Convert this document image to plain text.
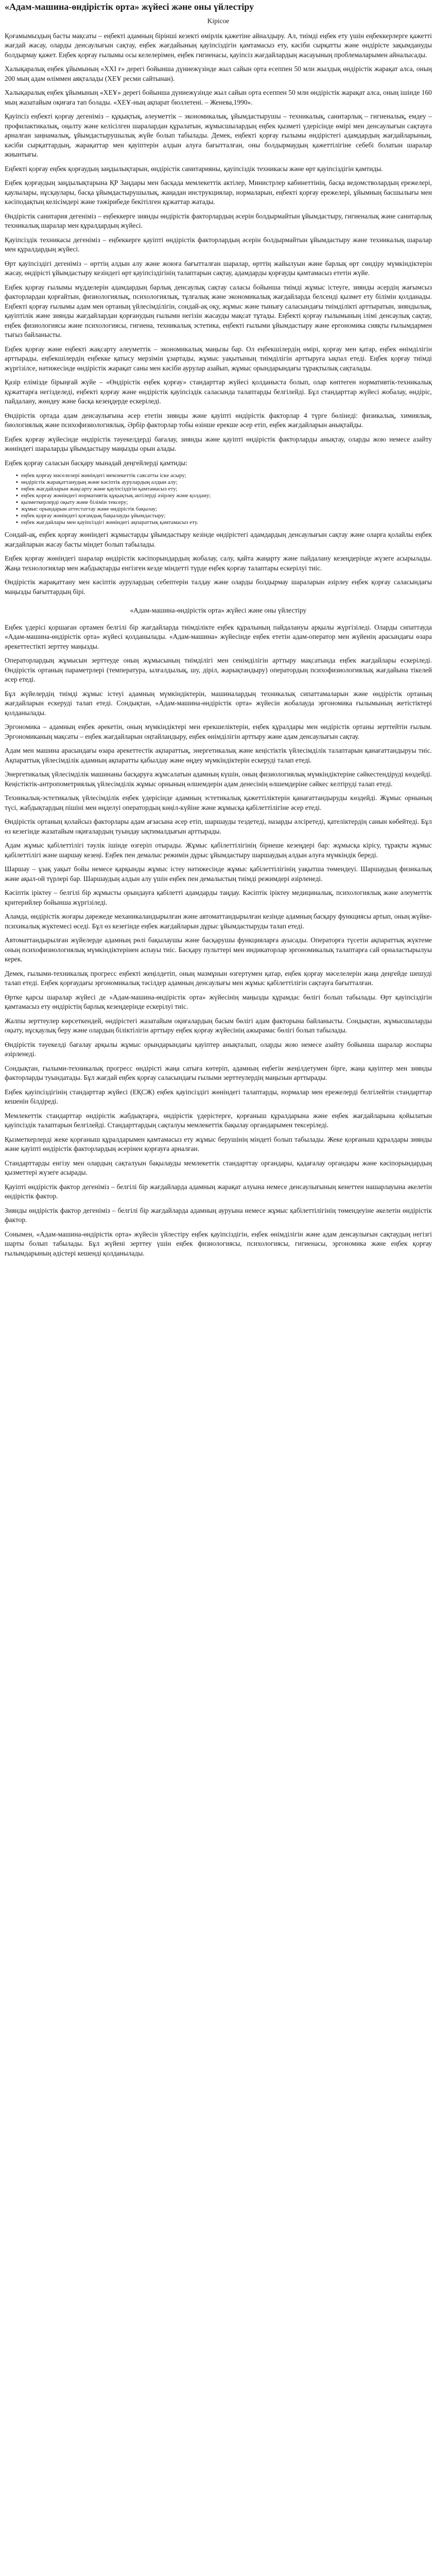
«Адам-машина-өндірістік орта» жүйесі және оны үйлестіру
Kipicoe

Қоғамымыздың басты мақсаты – еңбекті адамның бірінші кезекті өмірлік қажетіне айналдыру. Ал, тиімді еңбек ету үшін еңбеккерлерге қажетті жағдай жасау, оларды денсаулығын сақтау, еңбек жағдайының қауіпсіздігін қамтамасыз ету, кәсіби сырқатты және өндірісте зақымдануды болдырмау қажет. Еңбек қорғау ғылымы осы келелерімен, еңбек гигиенасы, қауіпсіз жағдайлардың жасауының проблемаларымен айналысады.

Халықаралық еңбек ұйымының «XXI ғ» дерегі бойынша дүниежүзінде жыл сайын орта есеппен 50 млн жылдық өндірістік жарақат алса, оның 200 мың адам өліммен аяқталады (ХЕҰ ресми сайтынан).

Халықаралық еңбек ұйымының «ХЕҰ» дерегі бойынша дүниежүзінде жыл сайын орта есеппен 50 млн өндірістік жарақат алса, оның ішінде 160 мың жазатайым оқиғаға тап болады. «ХЕҰ-ның ақпарат бюллетені. – Женева,1990».

Қауіпсіз еңбекті қорғау дегеніміз – құқықтық, әлеуметтік – экономикалық, ұйымдастырушы – техникалық, санитарлық – гигиеналық, емдеу – профилактикалық, оңалту және келісілген шаралардан құралатын, жұмысшылардың еңбек қызметі үдерісінде өмірі мен денсаулығын сақтауға арналған заңнамалық, ұйымдастырушылық жүйе болып табылады. Демек, еңбекті қорғау ғылымы өндірістегі адамдардың жағдайларының, кәсіби сырқаттардың, жарақаттар мен қауіптерін алдын алуға бағытталған, оны болдырмаудың қажеттілігіне себебі болатын шаралар жиынтығы.

Еңбекті қорғау еңбек қорғаудың заңдылықтарын, өндірістік санитарияны, қауіпсіздік техникасы және өрт қауіпсіздігін қамтиды.

Еңбек қорғаудың заңдылықтарына ҚР Заңдары мен басқада мемлекеттік актілер, Министрлер кабинеттінің, басқа ведомстволардың ережелері, қаулылары, нұсқаулары, басқа ұйымдастырушылық, жаңадан инструкциялар, нормаларын, еңбекті қорғау ережелері, ұйымның басшылығы мен кәсіподақтың келісімдері және тәжірибеде бекітілген құжаттар жатады.

Өндірістік санитария дегеніміз – еңбеккерге зиянды өндірістік факторлардың әсерін болдырмайтын ұйымдастыру, гигиеналық және санитарлық техникалық шаралар мен құралдардың жүйесі.

Қауіпсіздік техникасы дегеніміз – еңбеккерге қауіпті өндірістік факторлардың әсерін болдырмайтын ұйымдастыру және техникалық шаралар мен құралдардың жүйесі.

Өрт қауіпсіздігі дегеніміз – өрттің алдын алу және жоюға бағытталған шаралар, өрттің жайылуын және барлық өрт сөндіру мүмкіндіктерін жасау, өндірісті ұйымдастыру кезіндегі өрт қауіпсіздігінің талаптарын сақтау, адамдарды қорғауды қамтамасыз ететін жүйе.

Еңбек қорғау ғылымы мүдделерін адамдардың барлық денсаулық сақтау саласы бойынша тиімді жұмыс істеуге, зиянды әсердің жағымсыз факторлардан қорғайтын, физиологиялық, психологиялық, тұлғалық және экономикалық жағдайларда белсенді қызмет ету білімін қолданады. Еңбекті қорғау ғылымы адам мен ортаның үйлесімділігін, сондай-ақ оқу, жұмыс және тынығу саласындағы тиімділікті арттыратын, зияндылық, қауіптілік және зиянды жағдайлардан қорғанудың ғылыми негізін жасауды мақсат тұтады. Еңбекті қорғау ғылымының ілімі денсаулық сақтау, еңбек физиологиясы және психологиясы, гигиена, техникалық эстетика, еңбекті ғылыми ұйымдастыру және ергономика сияқты ғылымдармен тығыз байланысты.

Еңбек қорғау және еңбекті жақсарту әлеуметтік – экономикалық маңызы бар. Ол еңбекшілердің өмірі, қорғау мен қатар, еңбек өнімділігін арттырады, еңбекшілердің еңбекке қатысу мерзімін ұзартады, жұмыс уақытының тиімділігін арттыруға ықпал етеді. Еңбек қорғау тиімді жүргізілсе, нәтижесінде өндірістік жарақат саны мен кәсіби аурулар азайып, жұмыс орындарындағы тұрақтылық сақталады.

Қазір елімізде бірыңғай жүйе – «Өндірістік еңбек қорғау» стандарттар жүйесі қолданыста болып, олар көптеген нормативтік-техникалық құжаттарға негізделеді, еңбекті қорғау және өндірістік қауіпсіздік саласында талаптарды белгілейді. Бұл стандарттар жүйесі жобалау, өндіріс, пайдалану, жөндеу және басқа кезеңдерде ескеріледі.

Өндірістік ортада адам денсаулығына әсер ететін зиянды және қауіпті өндірістік факторлар 4 түрге бөлінеді: физикалық, химиялық, биологиялық және психофизиологиялық. Әрбір факторлар тобы өзінше ерекше әсер етіп, еңбек жағдайларын анықтайды.

Еңбек қорғау жүйесінде өндірістік тәуекелдерді бағалау, зиянды және қауіпті өндірістік факторларды анықтау, оларды жою немесе азайту жөніндегі шараларды ұйымдастыру маңызды орын алады.

Еңбек қорғау саласын басқару мынадай деңгейлерді қамтиды:

▪ еңбек қорғау мәселелері жөніндегі мемлекеттік саясатты іске асыру;
▪ өндірістік жарақаттанудың және кәсіптік аурулардың алдын алу;
▪ еңбек жағдайларын жақсарту және қауіпсіздігін қамтамасыз ету;
▪ еңбек қорғау жөніндегі нормативтік құқықтық актілерді әзірлеу және қолдану;
▪ қызметкерлерді оқыту және білімін тексеру;
▪ жұмыс орындарын аттестаттау және өндірістік бақылау;
▪ еңбек қорғау жөніндегі қоғамдық бақылауды ұйымдастыру;
▪ еңбек жағдайлары мен қауіпсіздігі жөніндегі ақпараттық қамтамасыз ету.

Сондай-ақ, еңбек қорғау жөніндегі жұмыстарды ұйымдастыру кезінде өндірістегі адамдардың денсаулығын сақтау және оларға қолайлы еңбек жағдайларын жасау басты міндет болып табылады.

Еңбек қорғау жөніндегі шаралар өндірістік кәсіпорындардың жобалау, салу, қайта жаңарту және пайдалану кезеңдерінде жүзеге асырылады. Жаңа технологиялар мен жабдықтарды енгізген кезде міндетті түрде еңбек қорғау талаптары ескерілуі тиіс.

Өндірістік жарақаттану мен кәсіптік аурулардың себептерін талдау және оларды болдырмау шараларын әзірлеу еңбек қорғау саласындағы маңызды бағыттардың бірі.

«Адам-машина-өндірістік орта» жүйесі және оны үйлестіру

Еңбек үдерісі қоршаған ортамен белгілі бір жағдайларда тиімділікте еңбек құралының пайдалануы арқылы жүргізіледі. Оларды сипаттауда «Адам-машина-өндірістік орта» жүйесі қолданылады. «Адам-машина» жүйесінде еңбек ететін адам-оператор мен жүйенің арасындағы өзара әрекеттестікті зерттеу маңызды.

Операторлардың жұмысын зерттеуде оның жұмысының тиімділігі мен сенімділігін арттыру мақсатында еңбек жағдайлары ескеріледі. Өндірістік ортаның параметрлері (температура, ылғалдылық, шу, діріл, жарықтандыру) оператордың психофизиологиялық жағдайына тікелей әсер етеді.

Бұл жүйелердің тиімді жұмыс істеуі адамның мүмкіндіктерін, машиналардың техникалық сипаттамаларын және өндірістік ортаның жағдайларын ескеруді талап етеді. Сондықтан, «Адам-машина-өндірістік орта» жүйесін жобалауда эргономика ғылымының жетістіктері қолданылады.

Эргономика – адамның еңбек әрекетін, оның мүмкіндіктері мен ерекшеліктерін, еңбек құралдары мен өндірістік ортаны зерттейтін ғылым. Эргономиканың мақсаты – еңбек жағдайларын оңтайландыру, еңбек өнімділігін арттыру және адам денсаулығын сақтау.

Адам мен машина арасындағы өзара әрекеттестік ақпараттық, энергетикалық және кеңістіктік үйлесімділік талаптарын қанағаттандыруы тиіс. Ақпараттық үйлесімділік адамның ақпаратты қабылдау және өңдеу мүмкіндіктерін ескеруді талап етеді.

Энергетикалық үйлесімділік машинаны басқаруға жұмсалатын адамның күшін, оның физиологиялық мүмкіндіктеріне сәйкестендіруді көздейді. Кеңістіктік-антропометриялық үйлесімділік жұмыс орнының өлшемдерін адам денесінің өлшемдеріне сәйкес келтіруді талап етеді.

Техникалық-эстетикалық үйлесімділік еңбек үдерісінде адамның эстетикалық қажеттіліктерін қанағаттандыруды көздейді. Жұмыс орнының түсі, жабдықтардың пішіні мен өңделуі оператордың көңіл-күйіне және жұмысқа қабілеттілігіне әсер етеді.

Өндірістік ортаның қолайсыз факторлары адам ағзасына әсер етіп, шаршауды тездетеді, назарды әлсіретеді, қателіктердің санын көбейтеді. Бұл өз кезегінде жазатайым оқиғалардың туындау ықтималдығын арттырады.

Адам жұмыс қабілеттілігі тәулік ішінде өзгеріп отырады. Жұмыс қабілеттілігінің бірнеше кезеңдері бар: жұмысқа кірісу, тұрақты жұмыс қабілеттілігі және шаршау кезеңі. Еңбек пен демалыс режимін дұрыс ұйымдастыру шаршаудың алдын алуға мүмкіндік береді.

Шаршау – ұзақ уақыт бойы немесе қарқынды жұмыс істеу нәтижесінде жұмыс қабілеттілігінің уақытша төмендеуі. Шаршаудың физикалық және ақыл-ой түрлері бар. Шаршаудың алдын алу үшін еңбек пен демалыстың тиімді режимдері әзірленеді.

Кәсіптік іріктеу – белгілі бір жұмысты орындауға қабілетті адамдарды таңдау. Кәсіптік іріктеу медициналық, психологиялық және әлеуметтік критерийлер бойынша жүргізіледі.

Аламда, өндірістік жоғары дәрежеде механикаландырылған және автоматтандырылған кезінде адамның басқару функциясы артып, оның жүйке-психикалық жүктемесі өседі. Бұл өз кезегінде еңбек жағдайларын дұрыс ұйымдастыруды талап етеді.

Автоматтандырылған жүйелерде адамның рөлі бақылаушы және басқарушы функцияларға ауысады. Операторға түсетін ақпараттық жүктеме оның психофизиологиялық мүмкіндіктерінен аспауы тиіс. Басқару пульттері мен индикаторлар эргономикалық талаптарға сай орналастырылуы керек.

Демек, ғылыми-техникалық прогресс еңбекті жеңілдетіп, оның мазмұнын өзгертумен қатар, еңбек қорғау мәселелерін жаңа деңгейде шешуді талап етеді. Еңбек қорғаудағы эргономикалық тәсілдер адамның денсаулығы мен жұмыс қабілеттілігін сақтауға бағытталған.

Өртке қарсы шаралар жүйесі де «Адам-машина-өндірістік орта» жүйесінің маңызды құрамдас бөлігі болып табылады. Өрт қауіпсіздігін қамтамасыз ету өндірістің барлық кезеңдерінде ескерілуі тиіс.

Жалпы зерттеулер көрсеткендей, өндірістегі жазатайым оқиғалардың басым бөлігі адам факторына байланысты. Сондықтан, жұмысшыларды оқыту, нұсқаулық беру және олардың біліктілігін арттыру еңбек қорғау жүйесінің ажырамас бөлігі болып табылады.

Өндірістік тәуекелді бағалау арқылы жұмыс орындарындағы қауіптер анықталып, оларды жою немесе азайту бойынша шаралар жоспары әзірленеді.

Сондықтан, ғылыми-техникалық прогресс өндірісті жаңа сатыға көтеріп, адамның еңбегін жеңілдетумен бірге, жаңа қауіптер мен зиянды факторларды туындатады. Бұл жағдай еңбек қорғау саласындағы ғылыми зерттеулердің маңызын арттырады.

Еңбек қауіпсіздігінің стандарттар жүйесі (ЕҚСЖ) еңбек қауіпсіздігі жөніндегі талаптарды, нормалар мен ережелерді белгілейтін стандарттар кешенін білдіреді.

Мемлекеттік стандарттар өндірістік жабдықтарға, өндірістік үдерістерге, қорғаныш құралдарына және еңбек жағдайларына қойылатын қауіпсіздік талаптарын белгілейді. Стандарттардың сақталуы мемлекеттік бақылау органдарымен тексеріледі.

Қызметкерлерді жеке қорғаныш құралдарымен қамтамасыз ету жұмыс берушінің міндеті болып табылады. Жеке қорғаныш құралдары зиянды және қауіпті өндірістік факторлардың әсерінен қорғауға арналған.

Стандарттарды енгізу мен олардың сақталуын бақылауды мемлекеттік стандарттау органдары, қадағалау органдары және кәсіпорындардың қызметтері жүзеге асырады.

Қауіпті өндірістік фактор дегеніміз – белгілі бір жағдайларда адамның жарақат алуына немесе денсаулығының кенеттен нашарлауына әкелетін өндірістік фактор.

Зиянды өндірістік фактор дегеніміз – белгілі бір жағдайларда адамның ауруына немесе жұмыс қабілеттілігінің төмендеуіне әкелетін өндірістік фактор.

Сонымен, «Адам-машина-өндірістік орта» жүйесін үйлестіру еңбек қауіпсіздігін, еңбек өнімділігін және адам денсаулығын сақтаудың негізгі шарты болып табылады. Бұл жүйені зерттеу үшін еңбек физиологиясы, психологиясы, гигиенасы, эргономика және еңбек қорғау ғылымдарының әдістері кешенді қолданылады.
